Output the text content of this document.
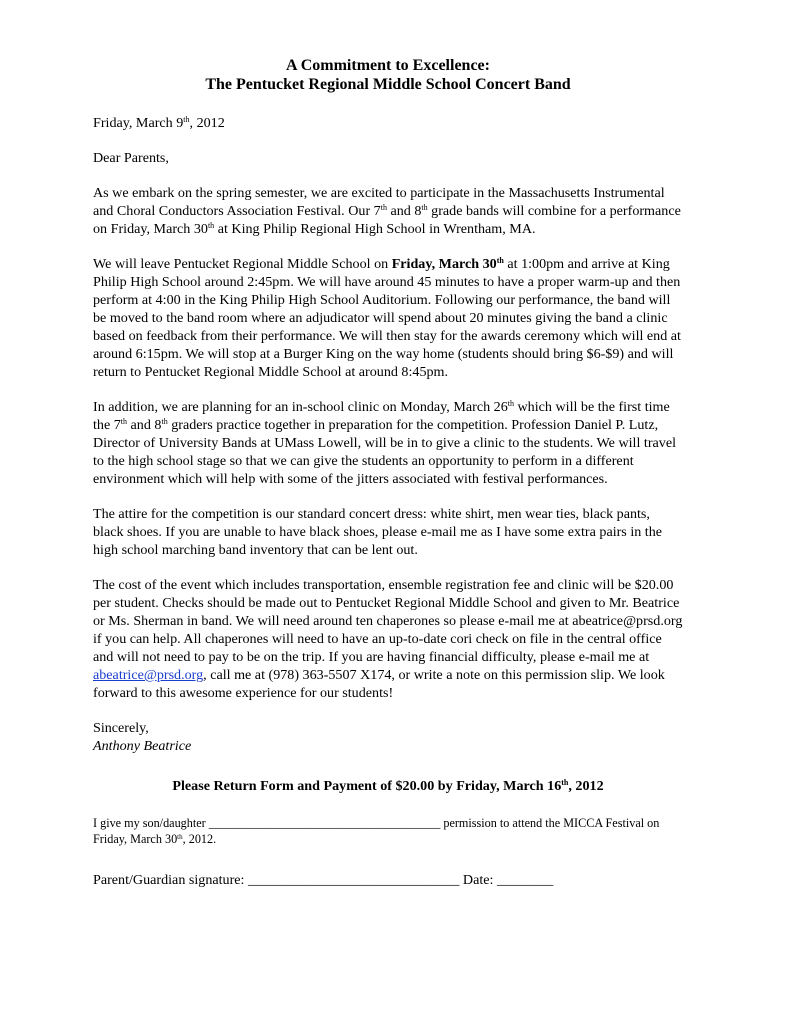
A Commitment to Excellence:
The Pentucket Regional Middle School Concert Band

Friday, March 9th, 2012

Dear Parents,

As we embark on the spring semester, we are excited to participate in the Massachusetts Instrumental and Choral Conductors Association Festival. Our 7th and 8th grade bands will combine for a performance on Friday, March 30th at King Philip Regional High School in Wrentham, MA.

We will leave Pentucket Regional Middle School on Friday, March 30th at 1:00pm and arrive at King Philip High School around 2:45pm. We will have around 45 minutes to have a proper warm-up and then perform at 4:00 in the King Philip High School Auditorium. Following our performance, the band will be moved to the band room where an adjudicator will spend about 20 minutes giving the band a clinic based on feedback from their performance. We will then stay for the awards ceremony which will end at around 6:15pm. We will stop at a Burger King on the way home (students should bring $6-$9) and will return to Pentucket Regional Middle School at around 8:45pm.

In addition, we are planning for an in-school clinic on Monday, March 26th which will be the first time the 7th and 8th graders practice together in preparation for the competition. Profession Daniel P. Lutz, Director of University Bands at UMass Lowell, will be in to give a clinic to the students. We will travel to the high school stage so that we can give the students an opportunity to perform in a different environment which will help with some of the jitters associated with festival performances.

The attire for the competition is our standard concert dress: white shirt, men wear ties, black pants, black shoes. If you are unable to have black shoes, please e-mail me as I have some extra pairs in the high school marching band inventory that can be lent out.

The cost of the event which includes transportation, ensemble registration fee and clinic will be $20.00 per student. Checks should be made out to Pentucket Regional Middle School and given to Mr. Beatrice or Ms. Sherman in band. We will need around ten chaperones so please e-mail me at abeatrice@prsd.org if you can help. All chaperones will need to have an up-to-date cori check on file in the central office and will not need to pay to be on the trip. If you are having financial difficulty, please e-mail me at abeatrice@prsd.org, call me at (978) 363-5507 X174, or write a note on this permission slip. We look forward to this awesome experience for our students!

Sincerely,
Anthony Beatrice
Please Return Form and Payment of $20.00 by Friday, March 16th, 2012
I give my son/daughter ______________________________________ permission to attend the MICCA Festival on Friday, March 30th, 2012.
Parent/Guardian signature: ______________________________ Date: ________
